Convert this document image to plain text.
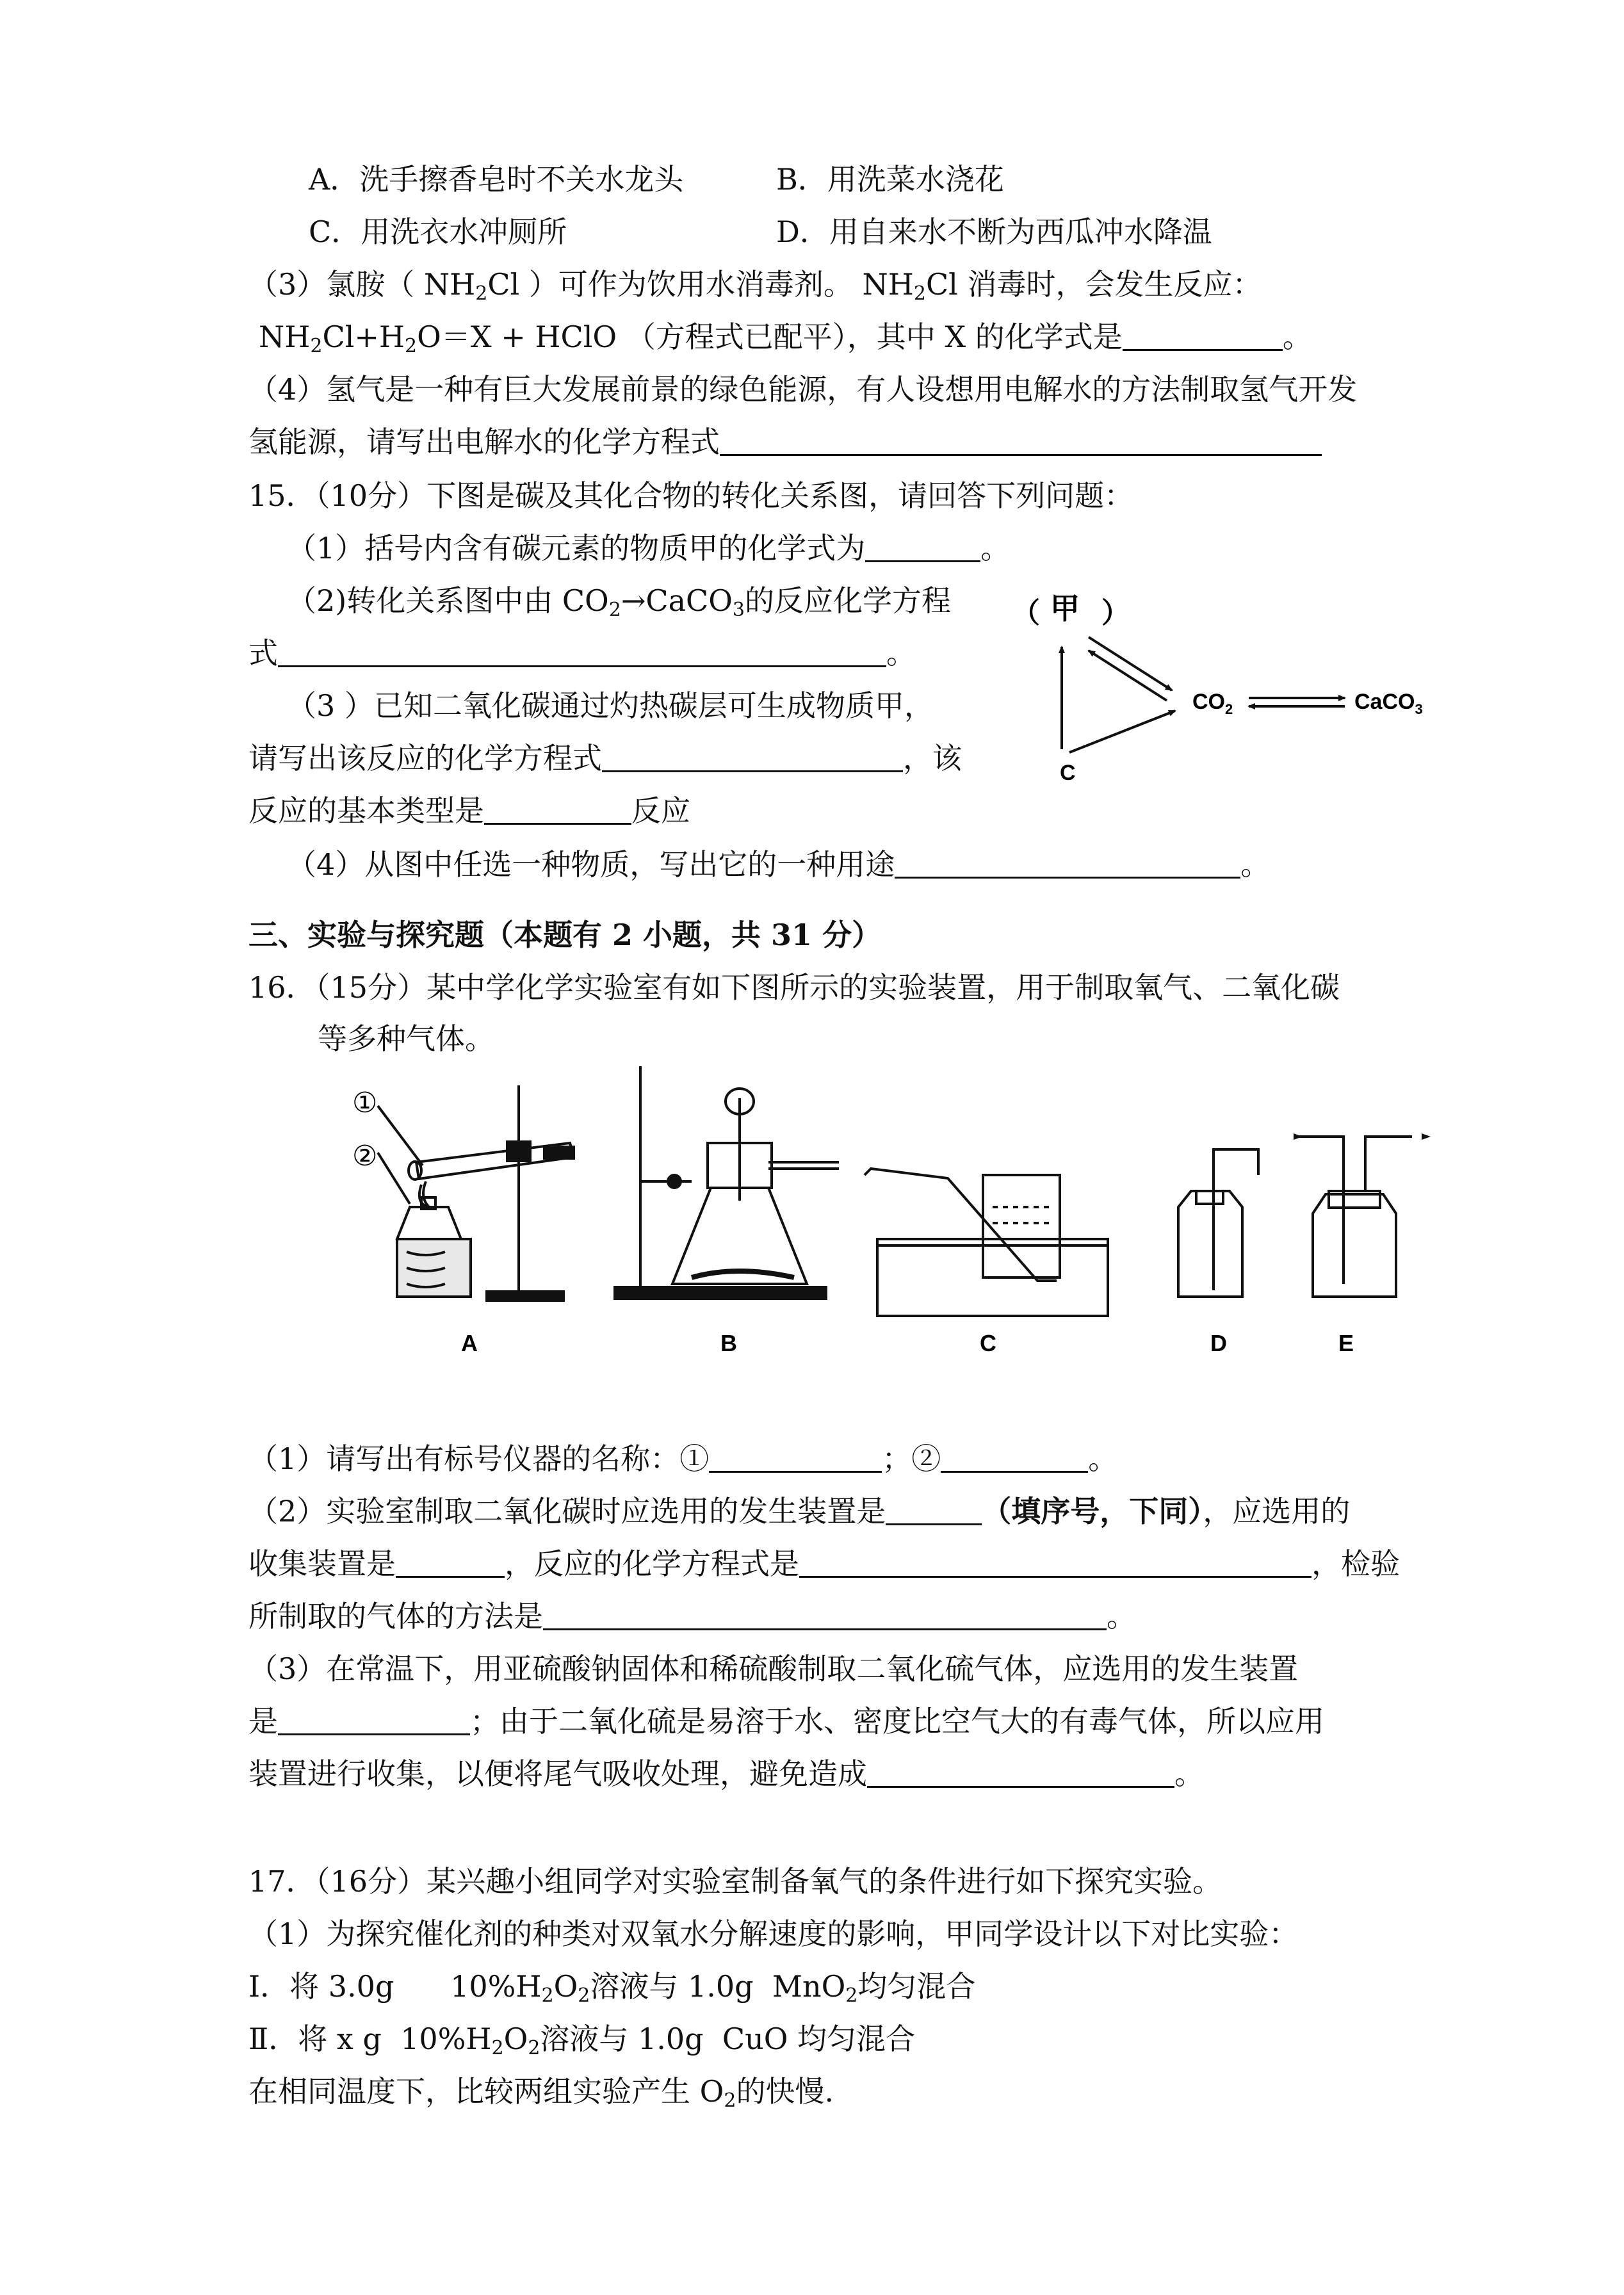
A．洗手擦香皂时不关水龙头	B．用洗菜水浇花
C．用洗衣水冲厕所	D．用自来水不断为西瓜冲水降温
（3）氯胺（ $NH_2Cl$ ）可作为饮用水消毒剂。 $NH_2Cl$ 消毒时，会发生反应：
$NH_2Cl+H_2O=X$ + HClO （方程式已配平），其中 X 的化学式是	。
（4）氢气是一种有巨大发展前景的绿色能源，有人设想用电解水的方法制取氢气开发
氢能源，请写出电解水的化学方程式
15．（10分）下图是碳及其化合物的转化关系图，请回答下列问题：
（1）括号内含有碳元素的物质甲的化学式为	。
（2)转化关系图中由 $CO_2\to CaCO_3$的反应化学方程
式	。
（3 ）已知二氧化碳通过灼热碳层可生成物质甲，
请写出该反应的化学方程式	，该
反应的基本类型是	反应
（4）从图中任选一种物质，写出它的一种用途	。
（ 甲 ）
$CO_2$	CaCO$_3$
C
三、实验与探究题（本题有 2 小题，共 31 分）
16．（15分）某中学化学实验室有如下图所示的实验装置，用于制取氧气、二氧化碳
等多种气体。
①
②
A	B	C	D	E
（1）请写出有标号仪器的名称：①	；②	。
（2）实验室制取二氧化碳时应选用的发生装置是	（填序号，下同），应选用的
收集装置是	，反应的化学方程式是	，检验
所制取的气体的方法是	。
（3）在常温下，用亚硫酸钠固体和稀硫酸制取二氧化硫气体，应选用的发生装置
是	；由于二氧化硫是易溶于水、密度比空气大的有毒气体，所以应用
装置进行收集，以便将尾气吸收处理，避免造成	。
17．（16分）某兴趣小组同学对实验室制备氧气的条件进行如下探究实验。
（1）为探究催化剂的种类对双氧水分解速度的影响，甲同学设计以下对比实验：
Ⅰ．将 3.0g      $10\%H_2O_2$溶液与 1.0g  MnO$_2$均匀混合
Ⅱ．将 x g  $10\%H_2O_2$溶液与 1.0g  CuO 均匀混合
在相同温度下，比较两组实验产生 $O_2$的快慢.
